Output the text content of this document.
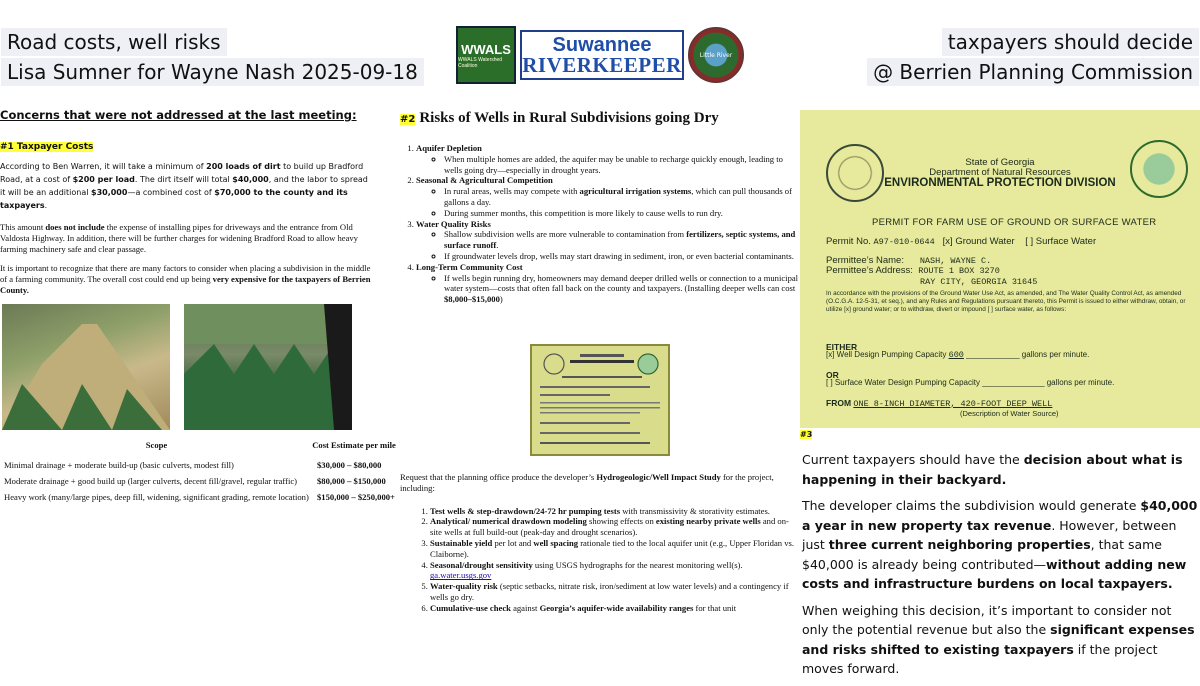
Road costs, well risks
Lisa Sumner for Wayne Nash 2025-09-18
taxpayers should decide
@ Berrien Planning Commission
WWALS
WWALS Watershed Coalition
Suwannee
RIVERKEEPER	Little River
Concerns that were not addressed at the last meeting:
#1 Taxpayer Costs

According to Ben Warren, it will take a minimum of 200 loads of dirt to build up Bradford Road, at a cost of $200 per load. The dirt itself will total $40,000, and the labor to spread it will be an additional $30,000—a combined cost of $70,000 to the county and its taxpayers.

This amount does not include the expense of installing pipes for driveways and the entrance from Old Valdosta Highway. In addition, there will be further charges for widening Bradford Road to allow heavy farming machinery safe and clear passage.

It is important to recognize that there are many factors to consider when placing a subdivision in the middle of a farming community. The overall cost could end up being very expensive for the taxpayers of Berrien County.

Scope	Cost Estimate per mile
Minimal drainage + moderate build-up (basic culverts, modest fill)	$30,000 – $80,000
Moderate drainage + good build up (larger culverts, decent fill/gravel, regular traffic)	$80,000 – $150,000
Heavy work (many/large pipes, deep fill, widening, significant grading, remote location)	$150,000 – $250,000+
#2 Risks of Wells in Rural Subdivisions going Dry
1. Aquifer Depletion
◦ When multiple homes are added, the aquifer may be unable to recharge quickly enough, leading to wells going dry—especially in drought years.
2. Seasonal & Agricultural Competition
◦ In rural areas, wells may compete with agricultural irrigation systems, which can pull thousands of gallons a day.
◦ During summer months, this competition is more likely to cause wells to run dry.
3. Water Quality Risks
◦ Shallow subdivision wells are more vulnerable to contamination from fertilizers, septic systems, and surface runoff.
◦ If groundwater levels drop, wells may start drawing in sediment, iron, or even bacterial contaminants.
4. Long-Term Community Cost
◦ If wells begin running dry, homeowners may demand deeper drilled wells or connection to a municipal water system—costs that often fall back on the county and taxpayers. (Installing deeper wells can cost $8,000–$15,000)

Request that the planning office produce the developer’s Hydrogeologic/Well Impact Study for the project, including:

1. Test wells & step-drawdown/24-72 hr pumping tests with transmissivity & storativity estimates.
2. Analytical/ numerical drawdown modeling showing effects on existing nearby private wells and on-site wells at full build-out (peak-day and drought scenarios).
3. Sustainable yield per lot and well spacing rationale tied to the local aquifer unit (e.g., Upper Floridan vs. Claiborne).
4. Seasonal/drought sensitivity using USGS hydrographs for the nearest monitoring well(s). ga.water.usgs.gov
5. Water-quality risk (septic setbacks, nitrate risk, iron/sediment at low water levels) and a contingency if wells go dry.
6. Cumulative-use check against Georgia’s aquifer-wide availability ranges for that unit
State of Georgia
Department of Natural Resources
ENVIRONMENTAL PROTECTION DIVISION
PERMIT FOR FARM USE OF GROUND OR SURFACE WATER
Permit No. A97-010-0644 [x] Ground Water [ ] Surface Water
Permittee’s Name: NASH, WAYNE C.
Permittee’s Address: ROUTE 1 BOX 3270
RAY CITY, GEORGIA 31645
In accordance with the provisions of the Ground Water Use Act, as amended, and The Water Quality Control Act, as amended (O.C.G.A. 12-5-31, et seq.), and any Rules and Regulations pursuant thereto, this Permit is issued to either withdraw, obtain, or utilize [x] ground water; or to withdraw, divert or impound [ ] surface water, as follows:
EITHER
[x] Well Design Pumping Capacity 600 ____________ gallons per minute.
OR
[ ] Surface Water Design Pumping Capacity ______________ gallons per minute.
FROM ONE 8-INCH DIAMETER, 420-FOOT DEEP WELL
(Description of Water Source)
#3

Current taxpayers should have the decision about what is happening in their backyard.

The developer claims the subdivision would generate $40,000 a year in new property tax revenue. However, between just three current neighboring properties, that same $40,000 is already being contributed—without adding new costs and infrastructure burdens on local taxpayers.

When weighing this decision, it’s important to consider not only the potential revenue but also the significant expenses and risks shifted to existing taxpayers if the project moves forward.
